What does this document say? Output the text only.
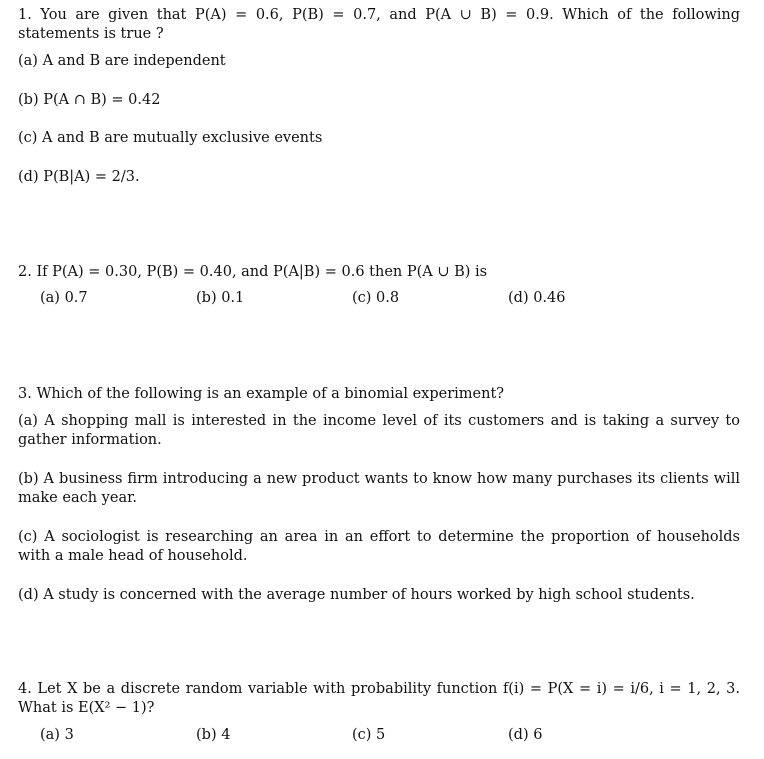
1. You are given that P(A) = 0.6, P(B) = 0.7, and P(A ∪ B) = 0.9. Which of the following statements is true ?
(a) A and B are independent
(b) P(A ∩ B) = 0.42
(c) A and B are mutually exclusive events
(d) P(B|A) = 2/3.
2. If P(A) = 0.30, P(B) = 0.40, and P(A|B) = 0.6 then P(A ∪ B) is
(a) 0.7	(b) 0.1	(c) 0.8	(d) 0.46
3. Which of the following is an example of a binomial experiment?
(a) A shopping mall is interested in the income level of its customers and is taking a survey to gather information.
(b) A business firm introducing a new product wants to know how many purchases its clients will make each year.
(c) A sociologist is researching an area in an effort to determine the proportion of households with a male head of household.
(d) A study is concerned with the average number of hours worked by high school students.
4. Let X be a discrete random variable with probability function f(i) = P(X = i) = i/6, i = 1, 2, 3. What is E(X² − 1)?
(a) 3	(b) 4	(c) 5	(d) 6
